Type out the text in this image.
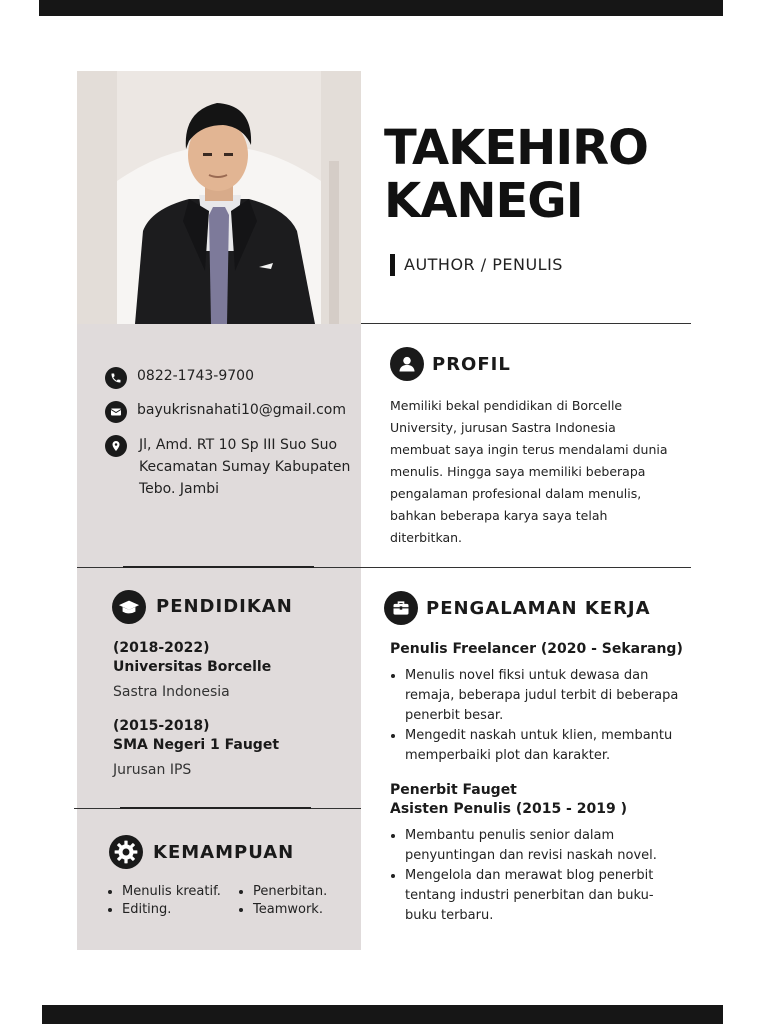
TAKEHIRO
KANEGI
AUTHOR / PENULIS
0822-1743-9700
bayukrisnahati10@gmail.com
Jl, Amd. RT 10 Sp III Suo Suo
Kecamatan Sumay Kabupaten
Tebo. Jambi
PROFIL
Memiliki bekal pendidikan di Borcelle
University, jurusan Sastra Indonesia
membuat saya ingin terus mendalami dunia
menulis. Hingga saya memiliki beberapa
pengalaman profesional dalam menulis,
bahkan beberapa karya saya telah
diterbitkan.
PENDIDIKAN
(2018-2022)
Universitas Borcelle
Sastra Indonesia
(2015-2018)
SMA Negeri 1 Fauget
Jurusan IPS
PENGALAMAN KERJA
Penulis Freelancer (2020 - Sekarang)
• Menulis novel fiksi untuk dewasa dan
remaja, beberapa judul terbit di beberapa
penerbit besar.
• Mengedit naskah untuk klien, membantu
memperbaiki plot dan karakter.
Penerbit Fauget
Asisten Penulis (2015 - 2019 )
• Membantu penulis senior dalam
penyuntingan dan revisi naskah novel.
• Mengelola dan merawat blog penerbit
tentang industri penerbitan dan buku-
buku terbaru.
KEMAMPUAN
• Menulis kreatif.
• Editing.
• Penerbitan.
• Teamwork.
